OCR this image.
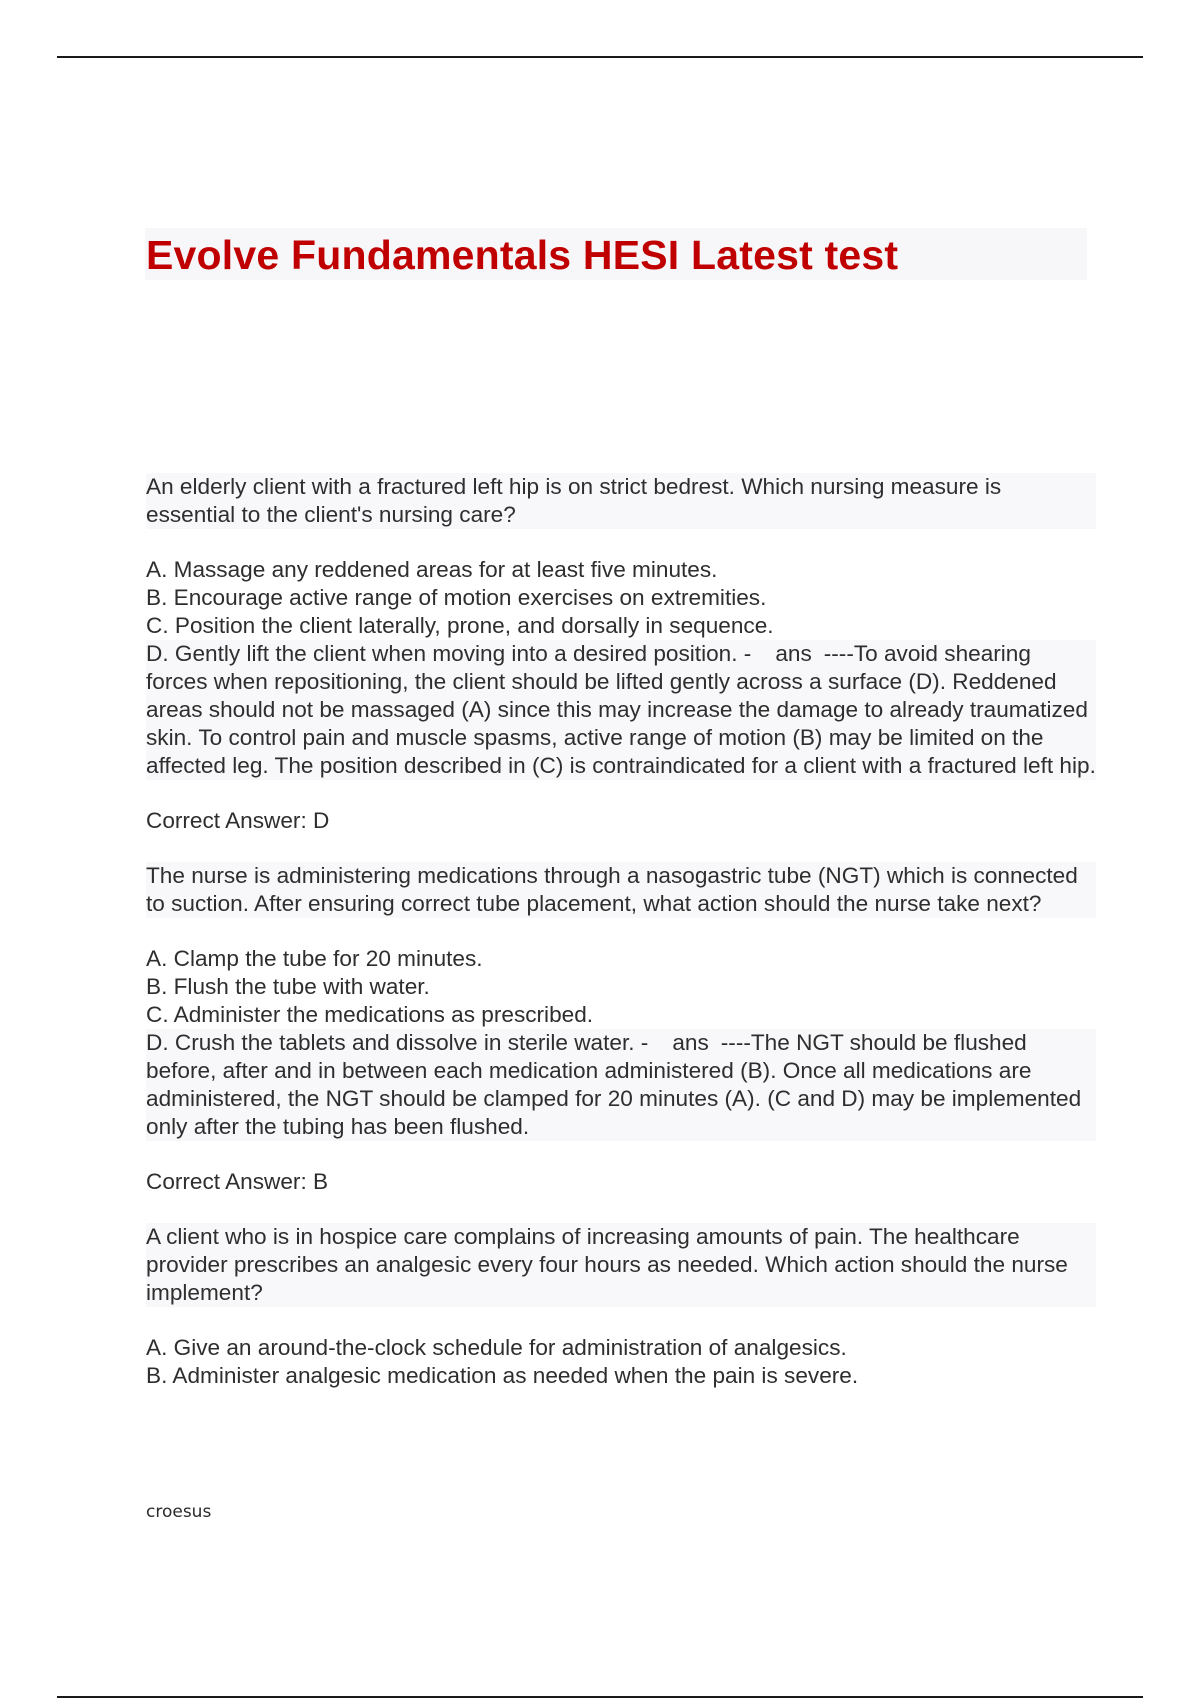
Evolve Fundamentals HESI Latest test
An elderly client with a fractured left hip is on strict bedrest. Which nursing measure is essential to the client's nursing care?
A. Massage any reddened areas for at least five minutes.
B. Encourage active range of motion exercises on extremities.
C. Position the client laterally, prone, and dorsally in sequence.
D. Gently lift the client when moving into a desired position. - ans ----To avoid shearing forces when repositioning, the client should be lifted gently across a surface (D). Reddened areas should not be massaged (A) since this may increase the damage to already traumatized skin. To control pain and muscle spasms, active range of motion (B) may be limited on the affected leg. The position described in (C) is contraindicated for a client with a fractured left hip.
Correct Answer: D
The nurse is administering medications through a nasogastric tube (NGT) which is connected to suction. After ensuring correct tube placement, what action should the nurse take next?
A. Clamp the tube for 20 minutes.
B. Flush the tube with water.
C. Administer the medications as prescribed.
D. Crush the tablets and dissolve in sterile water. - ans ----The NGT should be flushed before, after and in between each medication administered (B). Once all medications are administered, the NGT should be clamped for 20 minutes (A). (C and D) may be implemented only after the tubing has been flushed.
Correct Answer: B
A client who is in hospice care complains of increasing amounts of pain. The healthcare provider prescribes an analgesic every four hours as needed. Which action should the nurse implement?
A. Give an around-the-clock schedule for administration of analgesics.
B. Administer analgesic medication as needed when the pain is severe.
croesus
